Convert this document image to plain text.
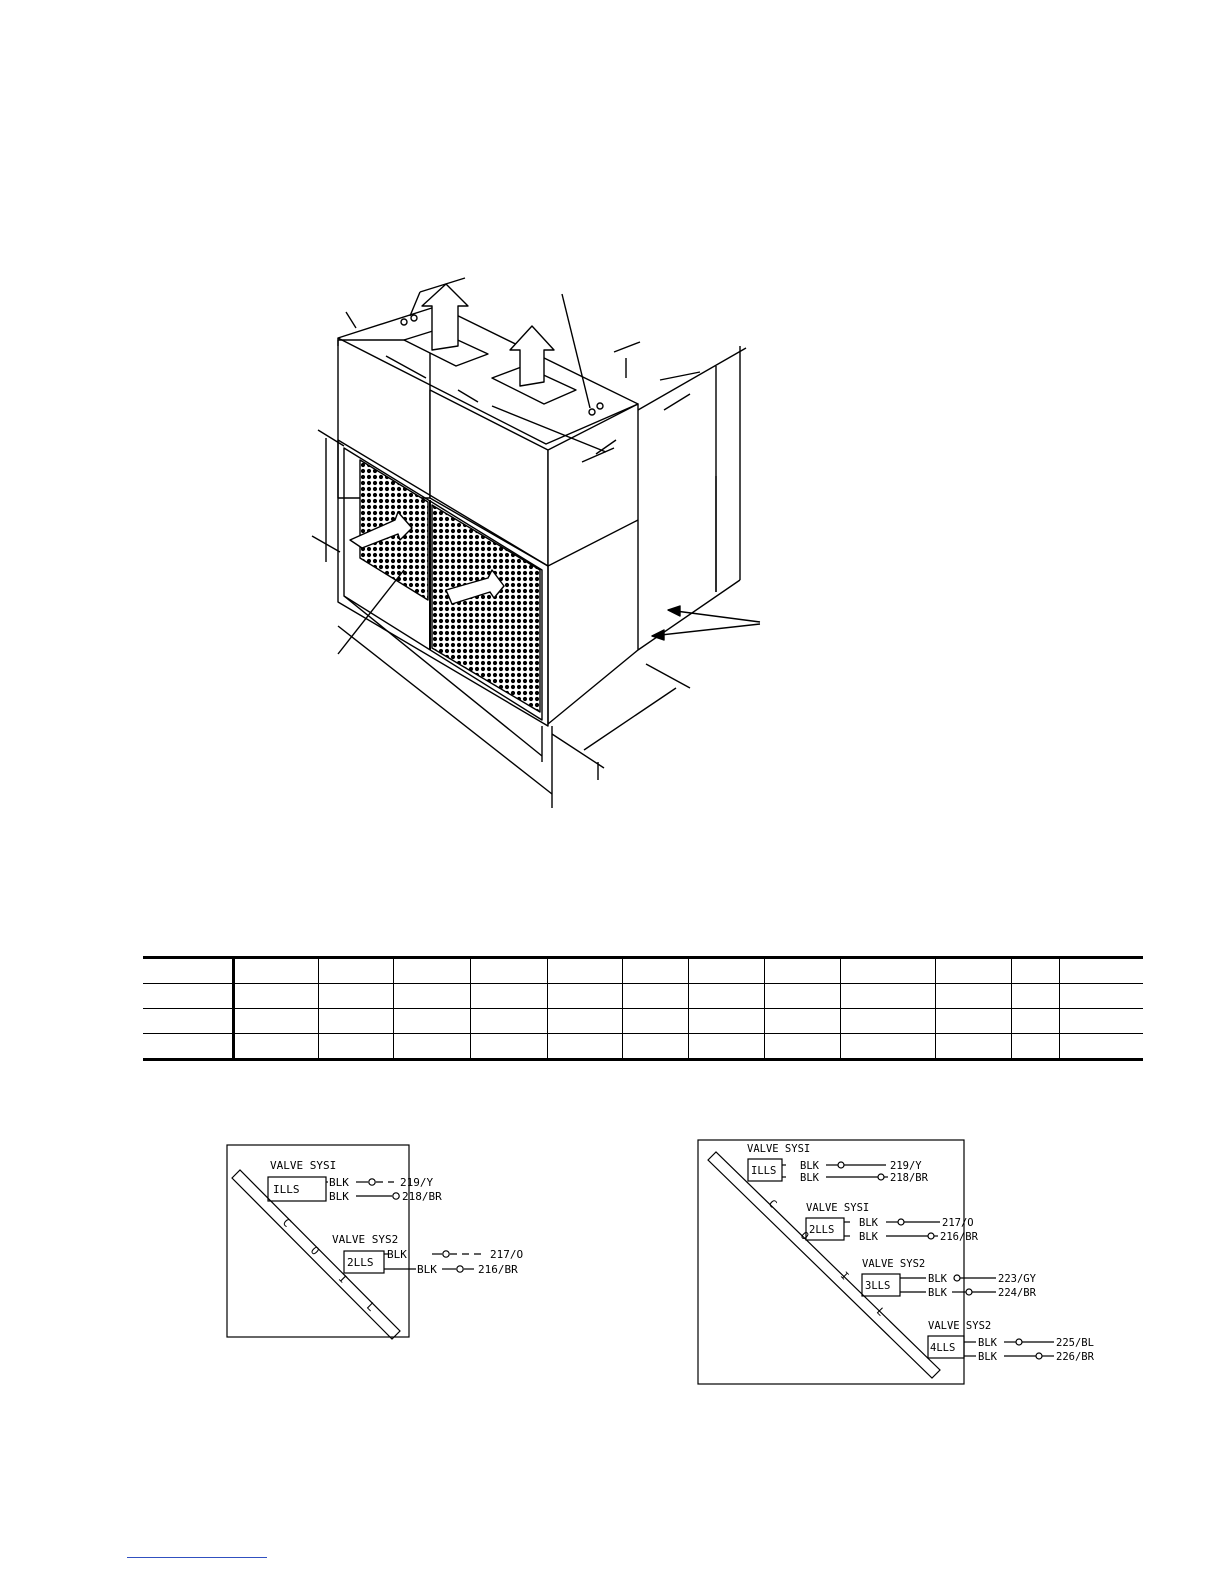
VALVE SYSI
ILLS
BLK	219/Y
BLK	218/BR
VALVE SYS2
2LLS
BLK	217/O
BLK	216/BR
C
O
I
L
VALVE SYSI
ILLS BLK	219/Y
BLK	218/BR
VALVE SYSI
2LLS
BLK	217/O
BLK	216/BR
VALVE SYS2
3LLS
BLK	223/GY
BLK	224/BR
VALVE SYS2
4LLS BLK	225/BL
BLK	226/BR
C
O
I
L
